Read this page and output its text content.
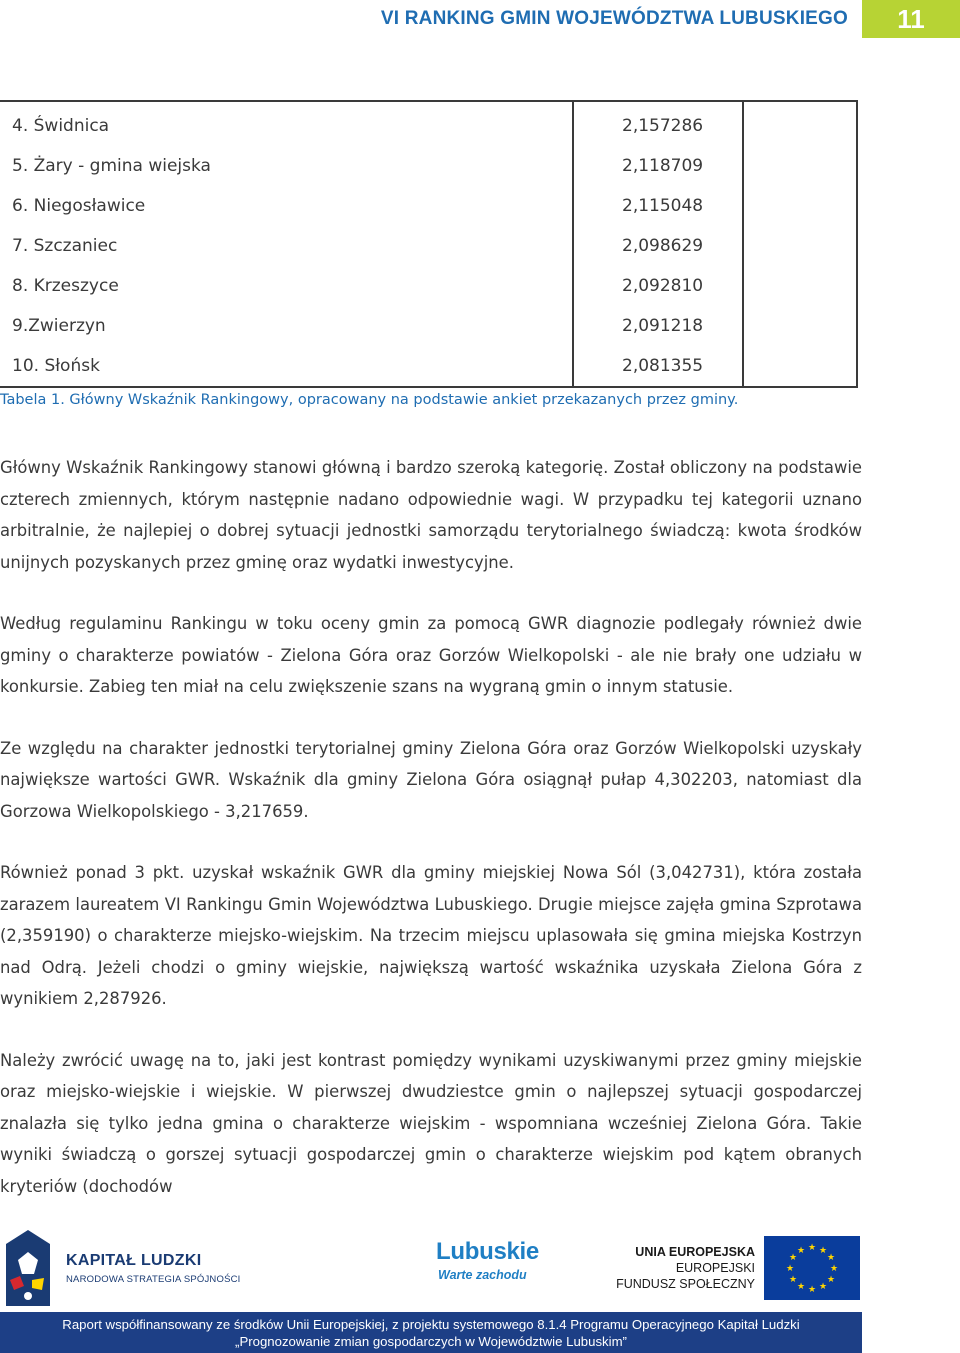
VI RANKING GMIN WOJEWÓDZTWA LUBUSKIEGO	11
4. Świdnica	2,157286	
5. Żary - gmina wiejska	2,118709	
6. Niegosławice	2,115048	
7. Szczaniec	2,098629	
8. Krzeszyce	2,092810	
9.Zwierzyn	2,091218	
10. Słońsk	2,081355	
Tabela 1. Główny Wskaźnik Rankingowy, opracowany na podstawie ankiet przekazanych przez gminy.

Główny Wskaźnik Rankingowy stanowi główną i bardzo szeroką kategorię. Został obliczony na podstawie czterech zmiennych, którym następnie nadano odpowiednie wagi. W przypadku tej kategorii uznano arbitralnie, że najlepiej o dobrej sytuacji jednostki samorządu terytorialnego świadczą: kwota środków unijnych pozyskanych przez gminę oraz wydatki inwestycyjne.

Według regulaminu Rankingu w toku oceny gmin za pomocą GWR diagnozie podlegały również dwie gminy o charakterze powiatów - Zielona Góra oraz Gorzów Wielkopolski - ale nie brały one udziału w konkursie. Zabieg ten miał na celu zwiększenie szans na wygraną gmin o innym statusie.

Ze względu na charakter jednostki terytorialnej gminy Zielona Góra oraz Gorzów Wielkopolski uzyskały największe wartości GWR. Wskaźnik dla gminy Zielona Góra osiągnął pułap 4,302203, natomiast dla Gorzowa Wielkopolskiego - 3,217659.

Również ponad 3 pkt. uzyskał wskaźnik GWR dla gminy miejskiej Nowa Sól (3,042731), która została zarazem laureatem VI Rankingu Gmin Województwa Lubuskiego. Drugie miejsce zajęła gmina Szprotawa (2,359190) o charakterze miejsko-wiejskim. Na trzecim miejscu uplasowała się gmina miejska Kostrzyn nad Odrą. Jeżeli chodzi o gminy wiejskie, największą wartość wskaźnika uzyskała Zielona Góra z wynikiem 2,287926.

Należy zwrócić uwagę na to, jaki jest kontrast pomiędzy wynikami uzyskiwanymi przez gminy miejskie oraz miejsko-wiejskie i wiejskie. W pierwszej dwudziestce gmin o najlepszej sytuacji gospodarczej znalazła się tylko jedna gmina o charakterze wiejskim - wspomniana wcześniej Zielona Góra. Takie wyniki świadczą o gorszej sytuacji gospodarczej gmin o charakterze wiejskim pod kątem obranych kryteriów (dochodów

KAPITAŁ LUDZKI
NARODOWA STRATEGIA SPÓJNOŚCI
Lubuskie
Warte zachodu
UNIA EUROPEJSKA
EUROPEJSKI
FUNDUSZ SPOŁECZNY
★ ★
★
★
★
★
★
★
★
★
★
★
Raport współfinansowany ze środków Unii Europejskiej, z projektu systemowego 8.1.4 Programu Operacyjnego Kapitał Ludzki
„Prognozowanie zmian gospodarczych w Województwie Lubuskim”
